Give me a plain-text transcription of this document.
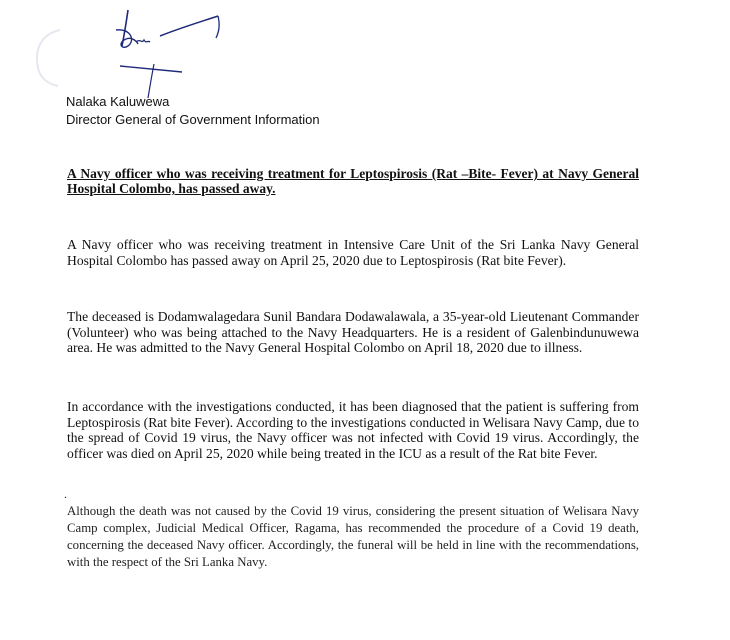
Nalaka Kaluwewa
Director General of Government Information

A Navy officer who was receiving treatment for Leptospirosis (Rat –Bite- Fever) at Navy General Hospital Colombo, has passed away.

A Navy officer who was receiving treatment in Intensive Care Unit of the Sri Lanka Navy General Hospital Colombo has passed away on April 25, 2020 due to Leptospirosis (Rat bite Fever).

The deceased is Dodamwalagedara Sunil Bandara Dodawalawala, a 35-year-old Lieutenant Commander (Volunteer) who was being attached to the Navy Headquarters. He is a resident of Galenbindunuwewa area. He was admitted to the Navy General Hospital Colombo on April 18, 2020 due to illness.

In accordance with the investigations conducted, it has been diagnosed that the patient is suffering from Leptospirosis (Rat bite Fever). According to the investigations conducted in Welisara Navy Camp, due to the spread of Covid 19 virus, the Navy officer was not infected with Covid 19 virus. Accordingly, the officer was died on April 25, 2020 while being treated in the ICU as a result of the Rat bite Fever.

.

Although the death was not caused by the Covid 19 virus, considering the present situation of Welisara Navy Camp complex, Judicial Medical Officer, Ragama, has recommended the procedure of a Covid 19 death, concerning the deceased Navy officer. Accordingly, the funeral will be held in line with the recommendations, with the respect of the Sri Lanka Navy.
